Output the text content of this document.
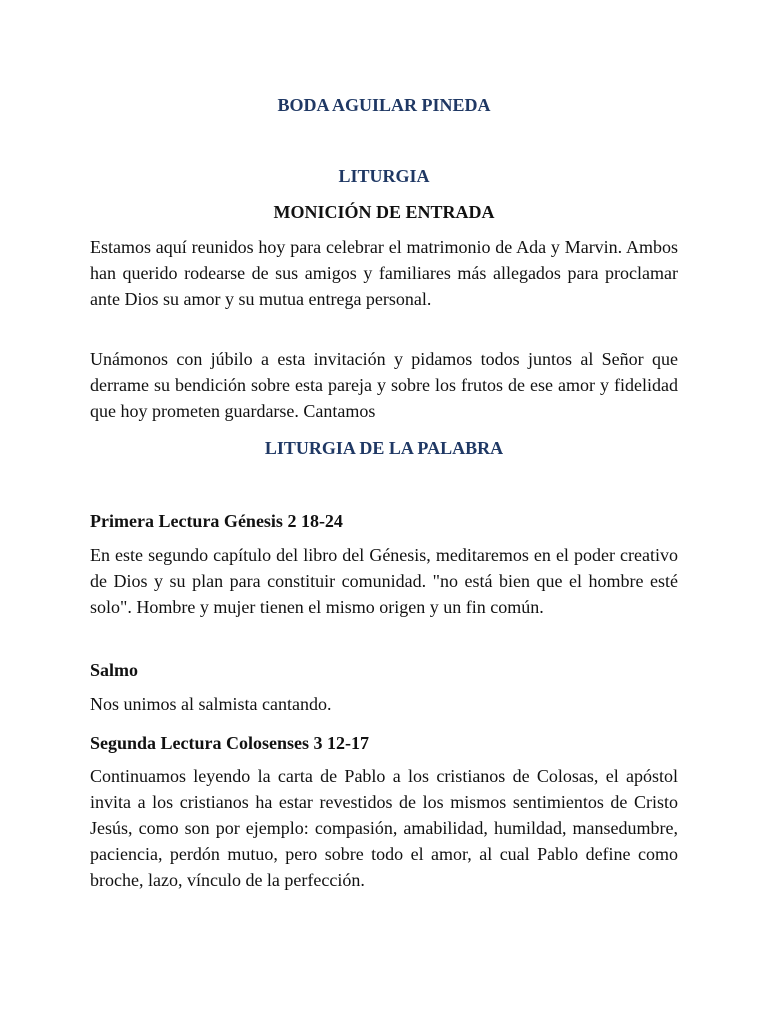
BODA AGUILAR PINEDA
LITURGIA
MONICIÓN DE ENTRADA

Estamos aquí reunidos hoy para celebrar el matrimonio de Ada y Marvin. Ambos han querido rodearse de sus amigos y familiares más allegados para proclamar ante Dios su amor y su mutua entrega personal.

Unámonos con júbilo a esta invitación y pidamos todos juntos al Señor que derrame su bendición sobre esta pareja y sobre los frutos de ese amor y fidelidad que hoy prometen guardarse. Cantamos

LITURGIA DE LA PALABRA
Primera Lectura Génesis 2 18-24

En este segundo capítulo del libro del Génesis, meditaremos en el poder creativo de Dios y su plan para constituir comunidad. "no está bien que el hombre esté solo". Hombre y mujer tienen el mismo origen y un fin común.

Salmo

Nos unimos al salmista cantando.

Segunda Lectura Colosenses 3 12-17

Continuamos leyendo la carta de Pablo a los cristianos de Colosas, el apóstol invita a los cristianos ha estar revestidos de los mismos sentimientos de Cristo Jesús, como son por ejemplo: compasión, amabilidad, humildad, mansedumbre, paciencia, perdón mutuo, pero sobre todo el amor, al cual Pablo define como broche, lazo, vínculo de la perfección.
